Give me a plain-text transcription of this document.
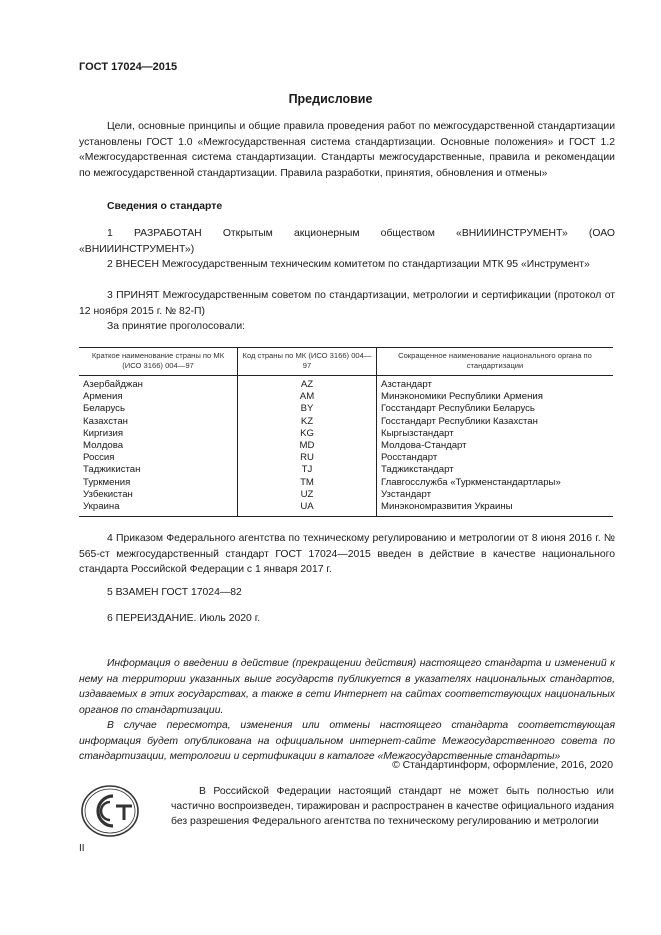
ГОСТ 17024—2015
Предисловие

Цели, основные принципы и общие правила проведения работ по межгосударственной стандартизации установлены ГОСТ 1.0 «Межгосударственная система стандартизации. Основные положения» и ГОСТ 1.2 «Межгосударственная система стандартизации. Стандарты межгосударственные, правила и рекомендации по межгосударственной стандартизации. Правила разработки, принятия, обновления и отмены»

Сведения о стандарте

1 РАЗРАБОТАН Открытым акционерным обществом «ВНИИИНСТРУМЕНТ» (ОАО «ВНИИИНСТРУМЕНТ»)

2 ВНЕСЕН Межгосударственным техническим комитетом по стандартизации МТК 95 «Инструмент»

3 ПРИНЯТ Межгосударственным советом по стандартизации, метрологии и сертификации (протокол от 12 ноября 2015 г. № 82-П)

За принятие проголосовали:

Краткое наименование страны по МК (ИСО 3166) 004—97	Код страны по МК (ИСО 3166) 004—97	Сокращенное наименование национального органа по стандартизации
Азербайджан	AZ	Азстандарт
Армения	AM	Минэкономики Республики Армения
Беларусь	BY	Госстандарт Республики Беларусь
Казахстан	KZ	Госстандарт Республики Казахстан
Киргизия	KG	Кыргызстандарт
Молдова	MD	Молдова-Стандарт
Россия	RU	Росстандарт
Таджикистан	TJ	Таджикстандарт
Туркмения	TM	Главгосслужба «Туркменстандартлары»
Узбекистан	UZ	Узстандарт
Украина	UA	Минэкономразвития Украины

4 Приказом Федерального агентства по техническому регулированию и метрологии от 8 июня 2016 г. № 565-ст межгосударственный стандарт ГОСТ 17024—2015 введен в действие в качестве национального стандарта Российской Федерации с 1 января 2017 г.

5 ВЗАМЕН ГОСТ 17024—82

6 ПЕРЕИЗДАНИЕ. Июль 2020 г.

Информация о введении в действие (прекращении действия) настоящего стандарта и изменений к нему на территории указанных выше государств публикуется в указателях национальных стандартов, издаваемых в этих государствах, а также в сети Интернет на сайтах соответствующих национальных органов по стандартизации.

В случае пересмотра, изменения или отмены настоящего стандарта соответствующая информация будет опубликована на официальном интернет-сайте Межгосударственного совета по стандартизации, метрологии и сертификации в каталоге «Межгосударственные стандарты»

© Стандартинформ, оформление, 2016, 2020

В Российской Федерации настоящий стандарт не может быть полностью или частично воспроизведен, тиражирован и распространен в качестве официального издания без разрешения Федерального агентства по техническому регулированию и метрологии

II
